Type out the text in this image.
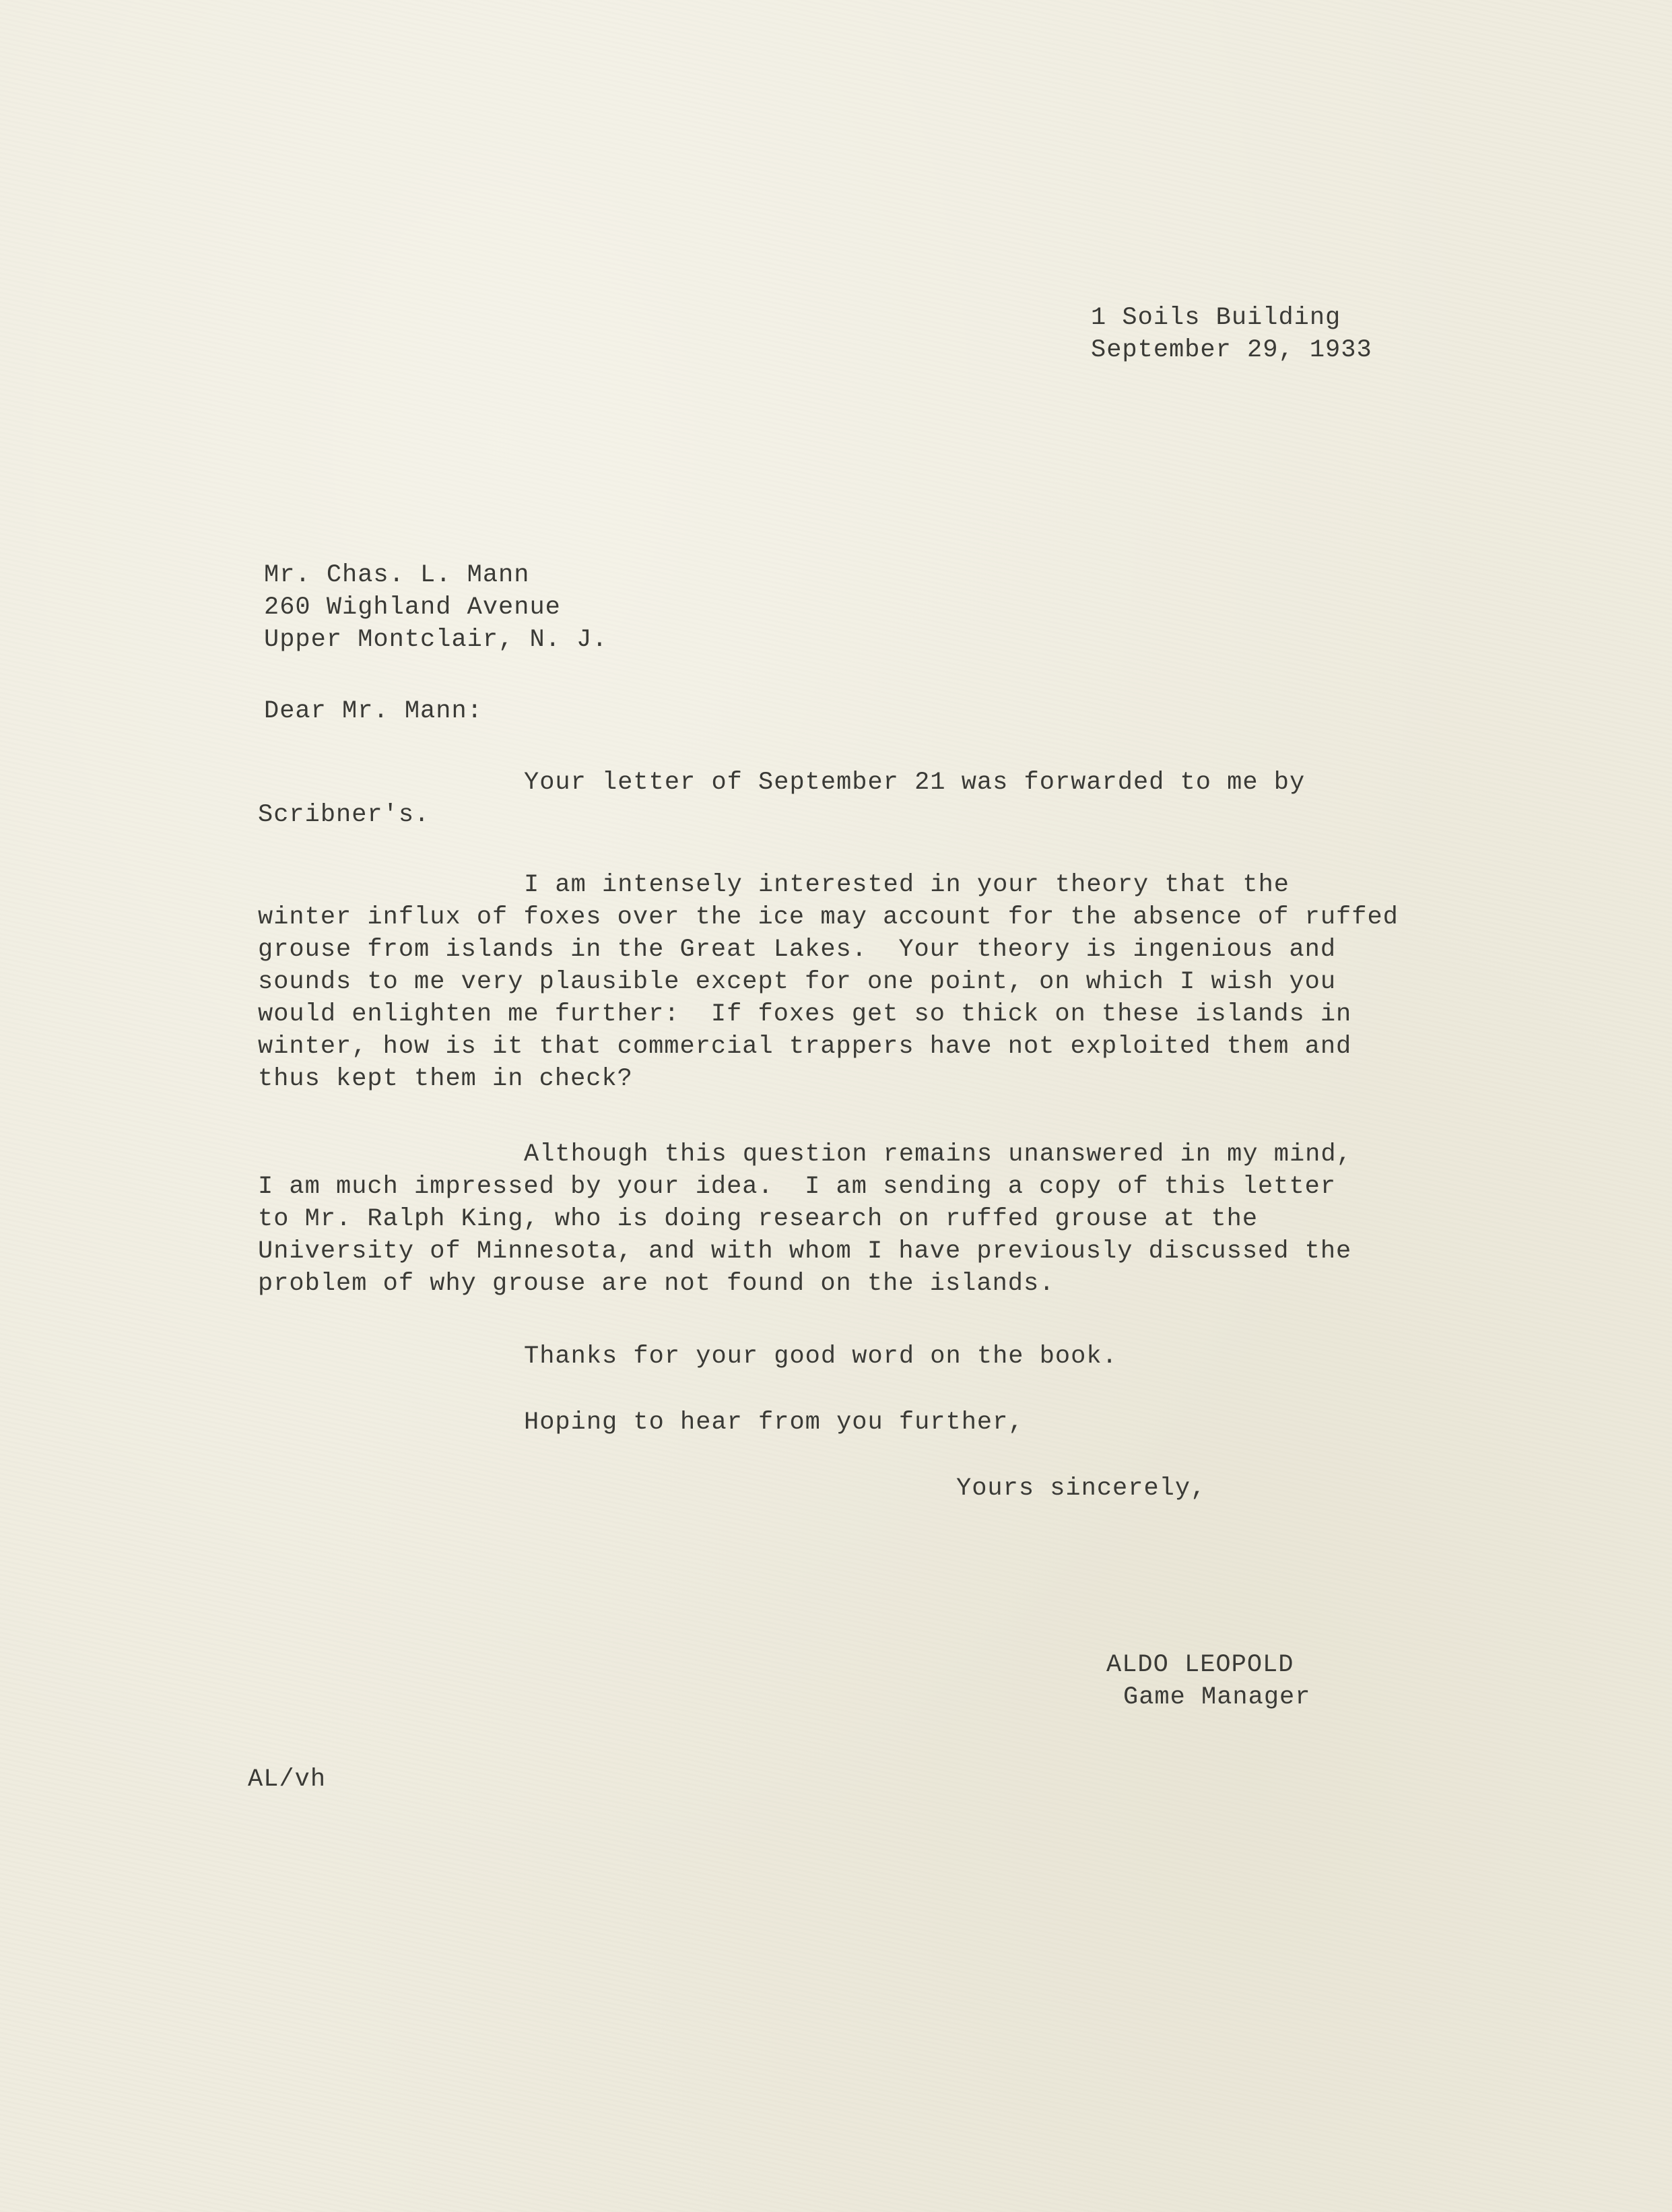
1 Soils Building
September 29, 1933
Mr. Chas. L. Mann
260 Wighland Avenue
Upper Montclair, N. J.
Dear Mr. Mann:
Your letter of September 21 was forwarded to me by
Scribner's.
I am intensely interested in your theory that the
winter influx of foxes over the ice may account for the absence of ruffed
grouse from islands in the Great Lakes.  Your theory is ingenious and
sounds to me very plausible except for one point, on which I wish you
would enlighten me further:  If foxes get so thick on these islands in
winter, how is it that commercial trappers have not exploited them and
thus kept them in check?
Although this question remains unanswered in my mind,
I am much impressed by your idea.  I am sending a copy of this letter
to Mr. Ralph King, who is doing research on ruffed grouse at the
University of Minnesota, and with whom I have previously discussed the
problem of why grouse are not found on the islands.
Thanks for your good word on the book.
Hoping to hear from you further,
Yours sincerely,
ALDO LEOPOLD
Game Manager
AL/vh
